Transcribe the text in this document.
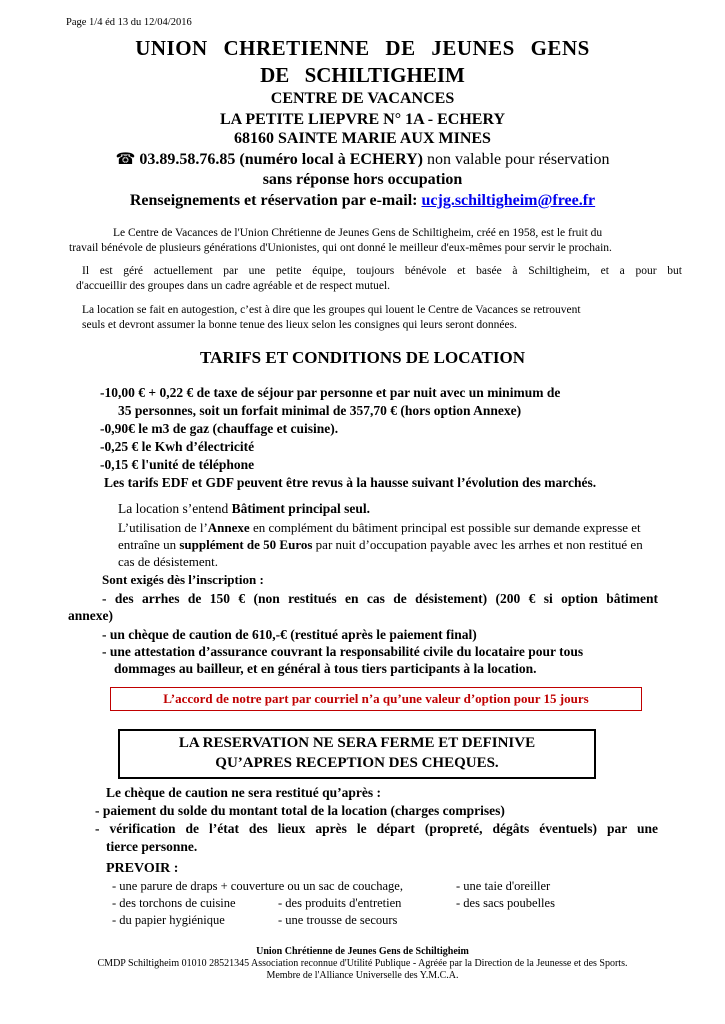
Page 1/4 éd 13 du 12/04/2016
UNION CHRETIENNE DE JEUNES GENS
DE SCHILTIGHEIM
CENTRE DE VACANCES
LA PETITE LIEPVRE N° 1A - ECHERY
68160 SAINTE MARIE AUX MINES
☎ 03.89.58.76.85 (numéro local à ECHERY) non valable pour réservation
sans réponse hors occupation
Renseignements et réservation par e-mail: ucjg.schiltigheim@free.fr
Le Centre de Vacances de l'Union Chrétienne de Jeunes Gens de Schiltigheim, créé en 1958, est le fruit du
travail bénévole de plusieurs générations d'Unionistes, qui ont donné le meilleur d'eux-mêmes pour servir le prochain.
Il est géré actuellement par une petite équipe, toujours bénévole et basée à Schiltigheim, et a pour but
d'accueillir des groupes dans un cadre agréable et de respect mutuel.
La location se fait en autogestion, c’est à dire que les groupes qui louent le Centre de Vacances se retrouvent
seuls et devront assumer la bonne tenue des lieux selon les consignes qui leurs seront données.
TARIFS ET CONDITIONS DE LOCATION
-10,00 € + 0,22 € de taxe de séjour par personne et par nuit avec un minimum de
35 personnes, soit un forfait minimal de 357,70 € (hors option Annexe)
-0,90€ le m3 de gaz (chauffage et cuisine).
-0,25 € le Kwh d’électricité
-0,15 € l'unité de téléphone
Les tarifs EDF et GDF peuvent être revus à la hausse suivant l’évolution des marchés.
La location s’entend Bâtiment principal seul.
L’utilisation de l’Annexe en complément du bâtiment principal est possible sur demande expresse et
entraîne un supplément de 50 Euros par nuit d’occupation payable avec les arrhes et non restitué en
cas de désistement.
Sont exigés dès l’inscription :
- des arrhes de 150 € (non restitués en cas de désistement) (200 € si option bâtiment
annexe)
- un chèque de caution de 610,-€ (restitué après le paiement final)
- une attestation d’assurance couvrant la responsabilité civile du locataire pour tous
dommages au bailleur, et en général à tous tiers participants à la location.
L’accord de notre part par courriel n’a qu’une valeur d’option pour 15 jours
LA RESERVATION NE SERA FERME ET DEFINIVE
QU’APRES RECEPTION DES CHEQUES.
Le chèque de caution ne sera restitué qu’après :
- paiement du solde du montant total de la location (charges comprises)
- vérification de l’état des lieux après le départ (propreté, dégâts éventuels) par une
tierce personne.
PREVOIR :
- une parure de draps + couverture ou un sac de couchage,	- une taie d'oreiller
- des torchons de cuisine	- des produits d'entretien	- des sacs poubelles
- du papier hygiénique	- une trousse de secours
Union Chrétienne de Jeunes Gens de Schiltigheim
CMDP Schiltigheim 01010 28521345 Association reconnue d'Utilité Publique - Agréée par la Direction de la Jeunesse et des Sports.
Membre de l'Alliance Universelle des Y.M.C.A.
